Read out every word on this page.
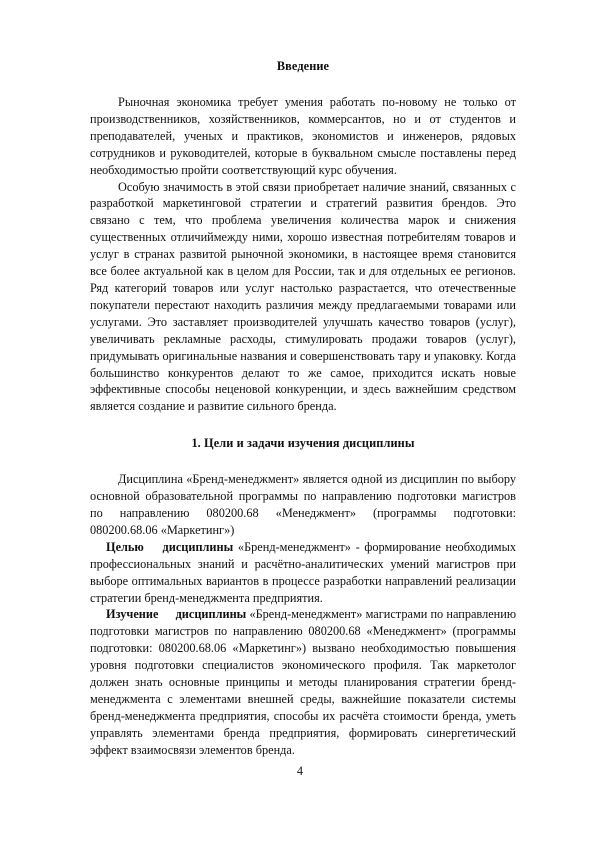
Введение

Рыночная экономика требует умения работать по-новому не только от производственников, хозяйственников, коммерсантов, но и от студентов и преподавателей, ученых и практиков, экономистов и инженеров, рядовых сотрудников и руководителей, которые в буквальном смысле поставлены перед необходимостью пройти соответствующий курс обучения.

Особую значимость в этой связи приобретает наличие знаний, связанных с разработкой маркетинговой стратегии и стратегий развития брендов. Это связано с тем, что проблема увеличения количества марок и снижения существенных отличиймежду ними, хорошо известная потребителям товаров и услуг в странах развитой рыночной экономики, в настоящее время становится все более актуальной как в целом для России, так и для отдельных ее регионов. Ряд категорий товаров или услуг настолько разрастается, что отечественные покупатели перестают находить различия между предлагаемыми товарами или услугами. Это заставляет производителей улучшать качество товаров (услуг), увеличивать рекламные расходы, стимулировать продажи товаров (услуг), придумывать оригинальные названия и совершенствовать тару и упаковку. Когда большинство конкурентов делают то же самое, приходится искать новые эффективные способы неценовой конкуренции, и здесь важнейшим средством является создание и развитие сильного бренда.

1. Цели и задачи изучения дисциплины

Дисциплина «Бренд-менеджмент» является одной из дисциплин по выбору основной образовательной программы по направлению подготовки магистров по направлению 080200.68 «Менеджмент» (программы подготовки: 080200.68.06 «Маркетинг»)

Целью дисциплины «Бренд-менеджмент» - формирование необходимых профессиональных знаний и расчётно-аналитических умений магистров при выборе оптимальных вариантов в процессе разработки направлений реализации стратегии бренд-менеджмента предприятия.

Изучение дисциплины «Бренд-менеджмент» магистрами по направлению подготовки магистров по направлению 080200.68 «Менеджмент» (программы подготовки: 080200.68.06 «Маркетинг») вызвано необходимостью повышения уровня подготовки специалистов экономического профиля. Так маркетолог должен знать основные принципы и методы планирования стратегии бренд-менеджмента с элементами внешней среды, важнейшие показатели системы бренд-менеджмента предприятия, способы их расчёта стоимости бренда, уметь управлять элементами бренда предприятия, формировать синергетический эффект взаимосвязи элементов бренда.

4
